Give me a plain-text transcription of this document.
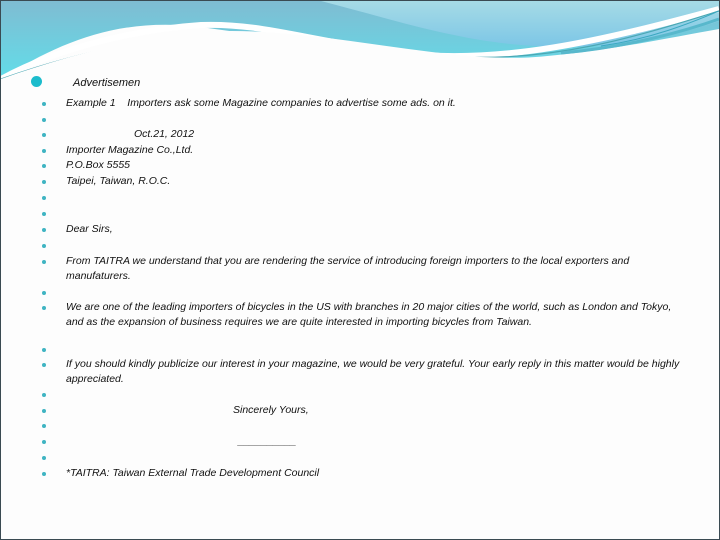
Advertisemen
Example 1    Importers ask some Magazine companies to advertise some ads. on it.
Oct.21, 2012
Importer Magazine Co.,Ltd.
P.O.Box 5555
Taipei, Taiwan, R.O.C.
Dear Sirs,
From TAITRA we understand that you are rendering the service of introducing foreign importers to the local exporters and manufaturers.
We are one of the leading importers of bicycles in the US with branches in 20 major cities of the world, such as London and Tokyo, and as the expansion of business requires we are quite interested in importing bicycles from Taiwan.
If you should kindly publicize our interest in your magazine, we would be very grateful. Your early reply in this matter would be highly appreciated.
Sincerely Yours,
__________
*TAITRA: Taiwan External Trade Development Council
